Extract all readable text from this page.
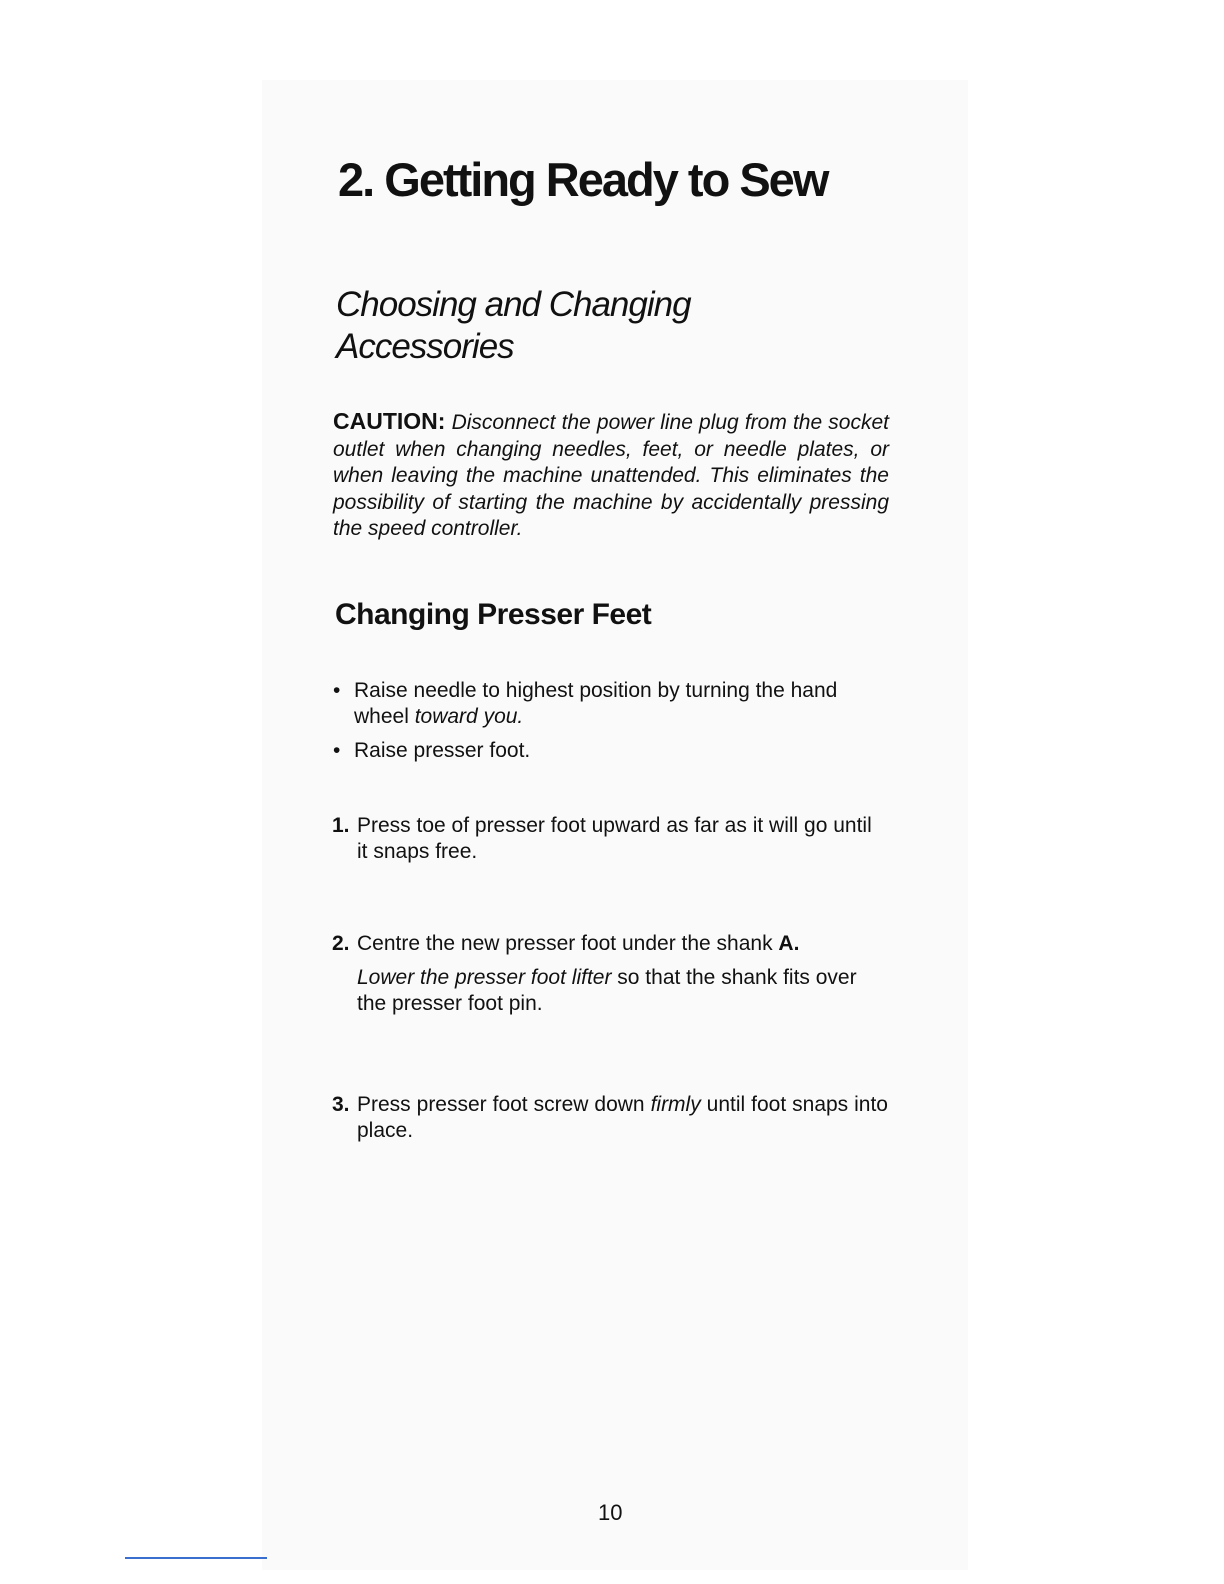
2. Getting Ready to Sew
Choosing and Changing
Accessories

CAUTION: Disconnect the power line plug from the socket outlet when changing needles, feet, or needle plates, or when leaving the machine unattended. This eliminates the possibility of starting the machine by accidentally pressing the speed controller.

Changing Presser Feet
• Raise needle to highest position by turning the hand wheel toward you.
• Raise presser foot.
1. Press toe of presser foot upward as far as it will go until it snaps free.
2. Centre the new presser foot under the shank A.
Lower the presser foot lifter so that the shank fits over the presser foot pin.
3. Press presser foot screw down firmly until foot snaps into place.

10
